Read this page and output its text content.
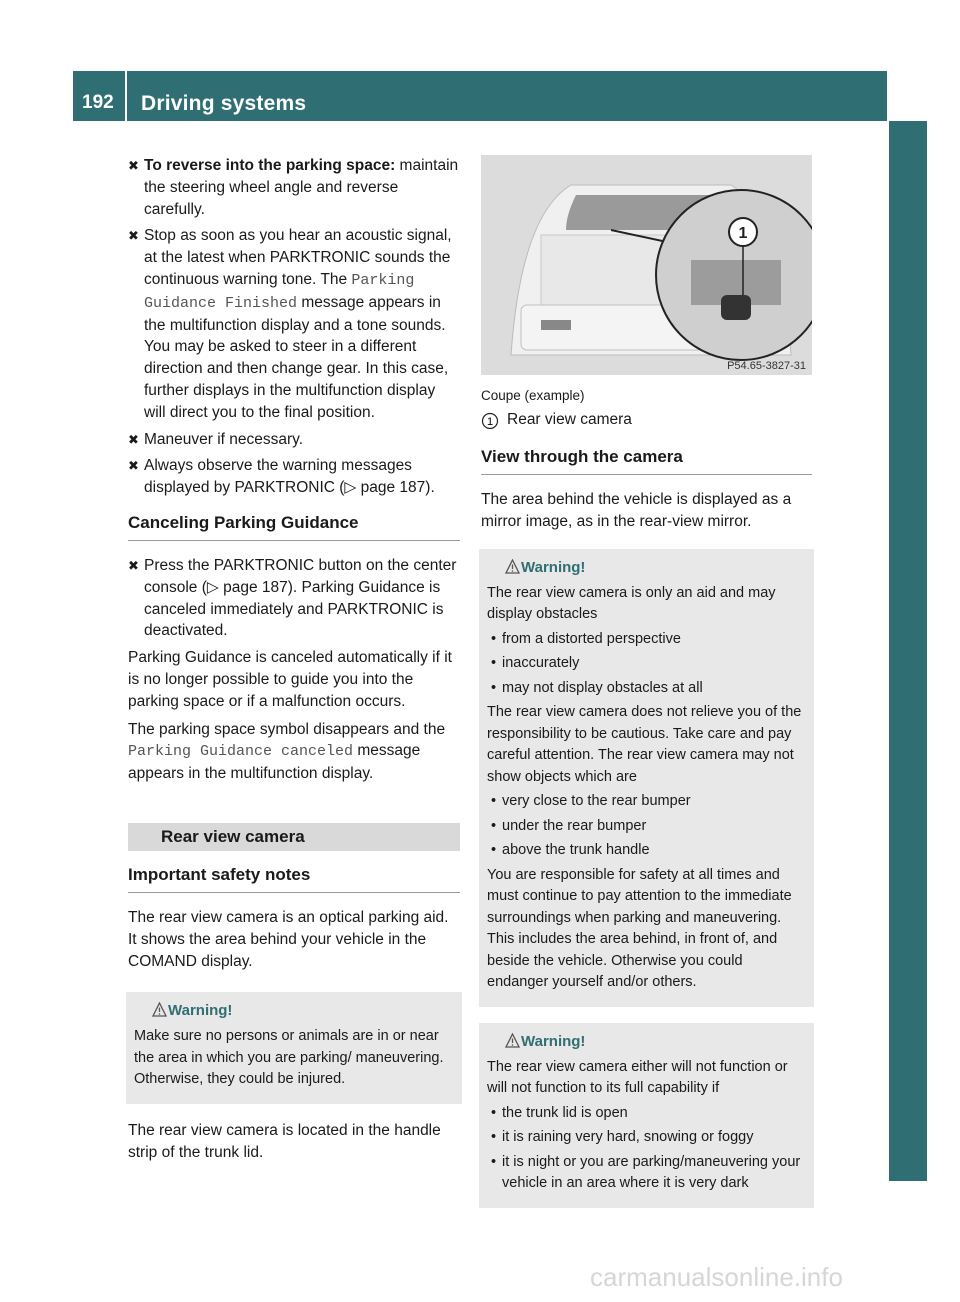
192 Driving systems
Driving and parking
✖ To reverse into the parking space: maintain the steering wheel angle and reverse carefully.
✖ Stop as soon as you hear an acoustic signal, at the latest when PARKTRONIC sounds the continuous warning tone. The Parking Guidance Finished message appears in the multifunction display and a tone sounds. You may be asked to steer in a different direction and then change gear. In this case, further displays in the multifunction display will direct you to the final position.
✖ Maneuver if necessary.
✖ Always observe the warning messages displayed by PARKTRONIC (▷ page 187).
Canceling Parking Guidance
✖ Press the PARKTRONIC button on the center console (▷ page 187). Parking Guidance is canceled immediately and PARKTRONIC is deactivated.
Parking Guidance is canceled automatically if it is no longer possible to guide you into the parking space or if a malfunction occurs.
The parking space symbol disappears and the Parking Guidance canceled message appears in the multifunction display.
Rear view camera
Important safety notes
The rear view camera is an optical parking aid. It shows the area behind your vehicle in the COMAND display.
Warning!
Make sure no persons or animals are in or near the area in which you are parking/ maneuvering. Otherwise, they could be injured.
The rear view camera is located in the handle strip of the trunk lid.
1
P54.65-3827-31
Coupe (example)
1 Rear view camera
View through the camera
The area behind the vehicle is displayed as a mirror image, as in the rear-view mirror.
Warning!
The rear view camera is only an aid and may display obstacles
• from a distorted perspective
• inaccurately
• may not display obstacles at all
The rear view camera does not relieve you of the responsibility to be cautious. Take care and pay careful attention. The rear view camera may not show objects which are
• very close to the rear bumper
• under the rear bumper
• above the trunk handle
You are responsible for safety at all times and must continue to pay attention to the immediate surroundings when parking and maneuvering. This includes the area behind, in front of, and beside the vehicle. Otherwise you could endanger yourself and/or others.
Warning!
The rear view camera either will not function or will not function to its full capability if
• the trunk lid is open
• it is raining very hard, snowing or foggy
• it is night or you are parking/maneuvering your vehicle in an area where it is very dark
carmanualsonline.info
